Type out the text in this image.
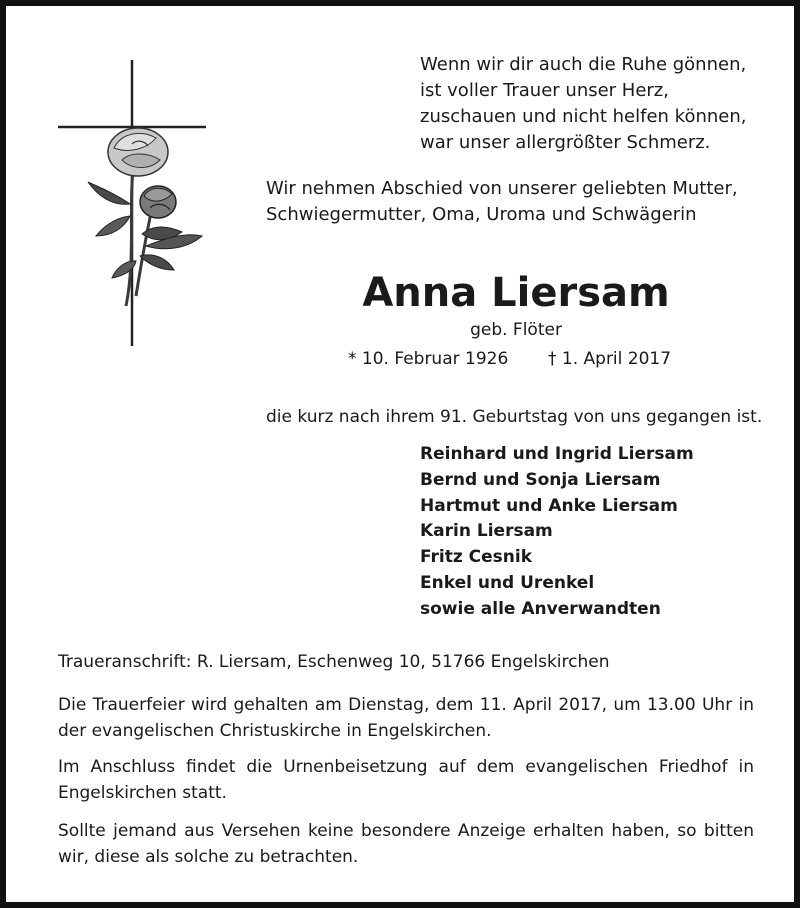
Wenn wir dir auch die Ruhe gönnen,
ist voller Trauer unser Herz,
zuschauen und nicht helfen können,
war unser allergrößter Schmerz.
Wir nehmen Abschied von unserer geliebten Mutter,
Schwiegermutter, Oma, Uroma und Schwägerin
Anna Liersam
geb. Flöter
* 10. Februar 1926 † 1. April 2017
die kurz nach ihrem 91. Geburtstag von uns gegangen ist.
Reinhard und Ingrid Liersam
Bernd und Sonja Liersam
Hartmut und Anke Liersam
Karin Liersam
Fritz Cesnik
Enkel und Urenkel
sowie alle Anverwandten
Traueranschrift: R. Liersam, Eschenweg 10, 51766 Engelskirchen
Die Trauerfeier wird gehalten am Dienstag, dem 11. April 2017, um 13.00 Uhr in der evangelischen Christuskirche in Engelskirchen.
Im Anschluss findet die Urnenbeisetzung auf dem evangelischen Friedhof in Engelskirchen statt.
Sollte jemand aus Versehen keine besondere Anzeige erhalten haben, so bitten wir, diese als solche zu betrachten.
